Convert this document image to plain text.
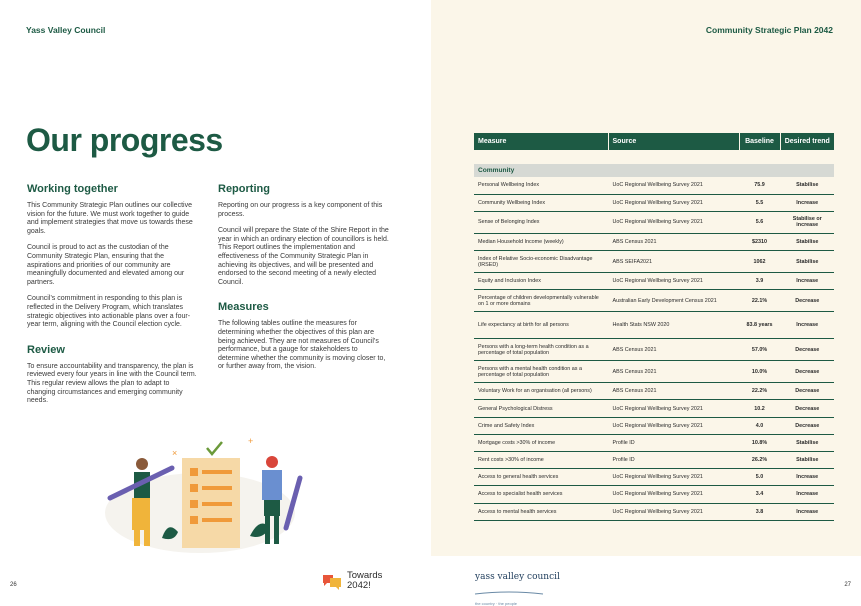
Yass Valley Council	Community Strategic Plan 2042
Our progress
Working together

This Community Strategic Plan outlines our collective vision for the future. We must work together to guide and implement strategies that move us towards these goals.

Council is proud to act as the custodian of the Community Strategic Plan, ensuring that the aspirations and priorities of our community are meaningfully documented and elevated among our partners.

Council’s commitment in responding to this plan is reflected in the Delivery Program, which translates strategic objectives into actionable plans over a four-year term, aligning with the Council election cycle.

Review

To ensure accountability and transparency, the plan is reviewed every four years in line with the Council term. This regular review allows the plan to adapt to changing circumstances and emerging community needs.

Reporting

Reporting on our progress is a key component of this process.

Council will prepare the State of the Shire Report in the year in which an ordinary election of councillors is held. This Report outlines the implementation and effectiveness of the Community Strategic Plan in achieving its objectives, and will be presented and endorsed to the second meeting of a newly elected Council.

Measures

The following tables outline the measures for determining whether the objectives of this plan are being achieved. They are not measures of Council’s performance, but a gauge for stakeholders to determine whether the community is moving closer to, or further away from, the vision.

×
+
Measure	Source	Baseline	Desired trend

Community			
Personal Wellbeing Index	UoC Regional Wellbeing Survey 2021	75.9	Stabilise
Community Wellbeing Index	UoC Regional Wellbeing Survey 2021	5.5	Increase
Sense of Belonging Index	UoC Regional Wellbeing Survey 2021	5.6	Stabilise or increase
Median Household Income (weekly)	ABS Census 2021	$2310	Stabilise
Index of Relative Socio-economic Disadvantage (IRSED)	ABS SEIFA2021	1062	Stabilise
Equity and Inclusion Index	UoC Regional Wellbeing Survey 2021	3.9	Increase
Percentage of children developmentally vulnerable on 1 or more domains	Australian Early Development Census 2021	22.1%	Decrease
Life expectancy at birth for all persons	Health Stats NSW 2020	83.8 years	Increase
Persons with a long-term health condition as a percentage of total population	ABS Census 2021	57.0%	Decrease
Persons with a mental health condition as a percentage of total population	ABS Census 2021	10.0%	Decrease
Voluntary Work for an organisation (all persons)	ABS Census 2021	22.2%	Decrease
General Psychological Distress	UoC Regional Wellbeing Survey 2021	10.2	Decrease
Crime and Safety Index	UoC Regional Wellbeing Survey 2021	4.0	Decrease
Mortgage costs >30% of income	Profile ID	10.8%	Stabilise
Rent costs >30% of income	Profile ID	26.2%	Stabilise
Access to general health services	UoC Regional Wellbeing Survey 2021	5.0	Increase
Access to specialist health services	UoC Regional Wellbeing Survey 2021	3.4	Increase
Access to mental health services	UoC Regional Wellbeing Survey 2021	3.8	Increase
26	27
Towards
2042!
yass valley council
the country · the people
